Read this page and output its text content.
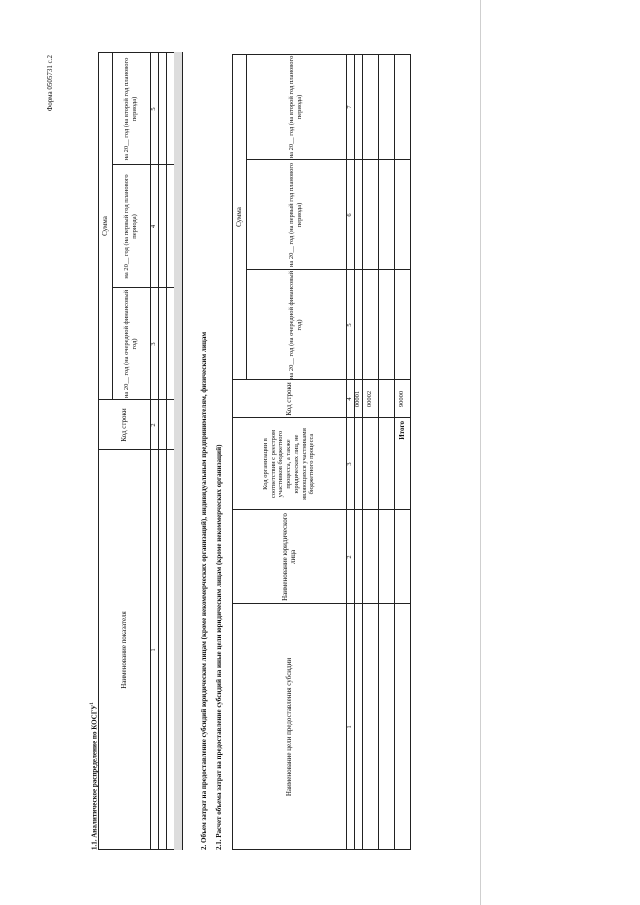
Форма 0505731 с.2
1.1. Аналитическое распределение по КОСГУ$^1$
Наименование показателя
Код строки
Сумма
на 20__ год (на очередной финансовый год)
на 20__ год (на первый год планового периода)
на 20__ год (на второй год планового периода)
1
2
3
4
5
2. Объем затрат на предоставление субсидий юридическим лицам (кроме некоммерческих организаций), индивидуальным предпринимателям, физическим лицам 2.1. Расчет объема затрат на предоставление субсидий на иные цели юридическим лицам (кроме некоммерческих организаций)	Наименование цели предоставления субсидии
Наименование юридического лица
Код организации в соответствии с реестром участников бюджетного процесса, а также юридических лиц, не являющихся участниками бюджетного процесса
Код строки
Сумма
на 20__ год (на очередной финансовый год)
на 20__ год (на первый год планового периода)
на 20__ год (на второй год планового периода)
1
2
3
4
5
6
7
00001 00002
Итого
90000
